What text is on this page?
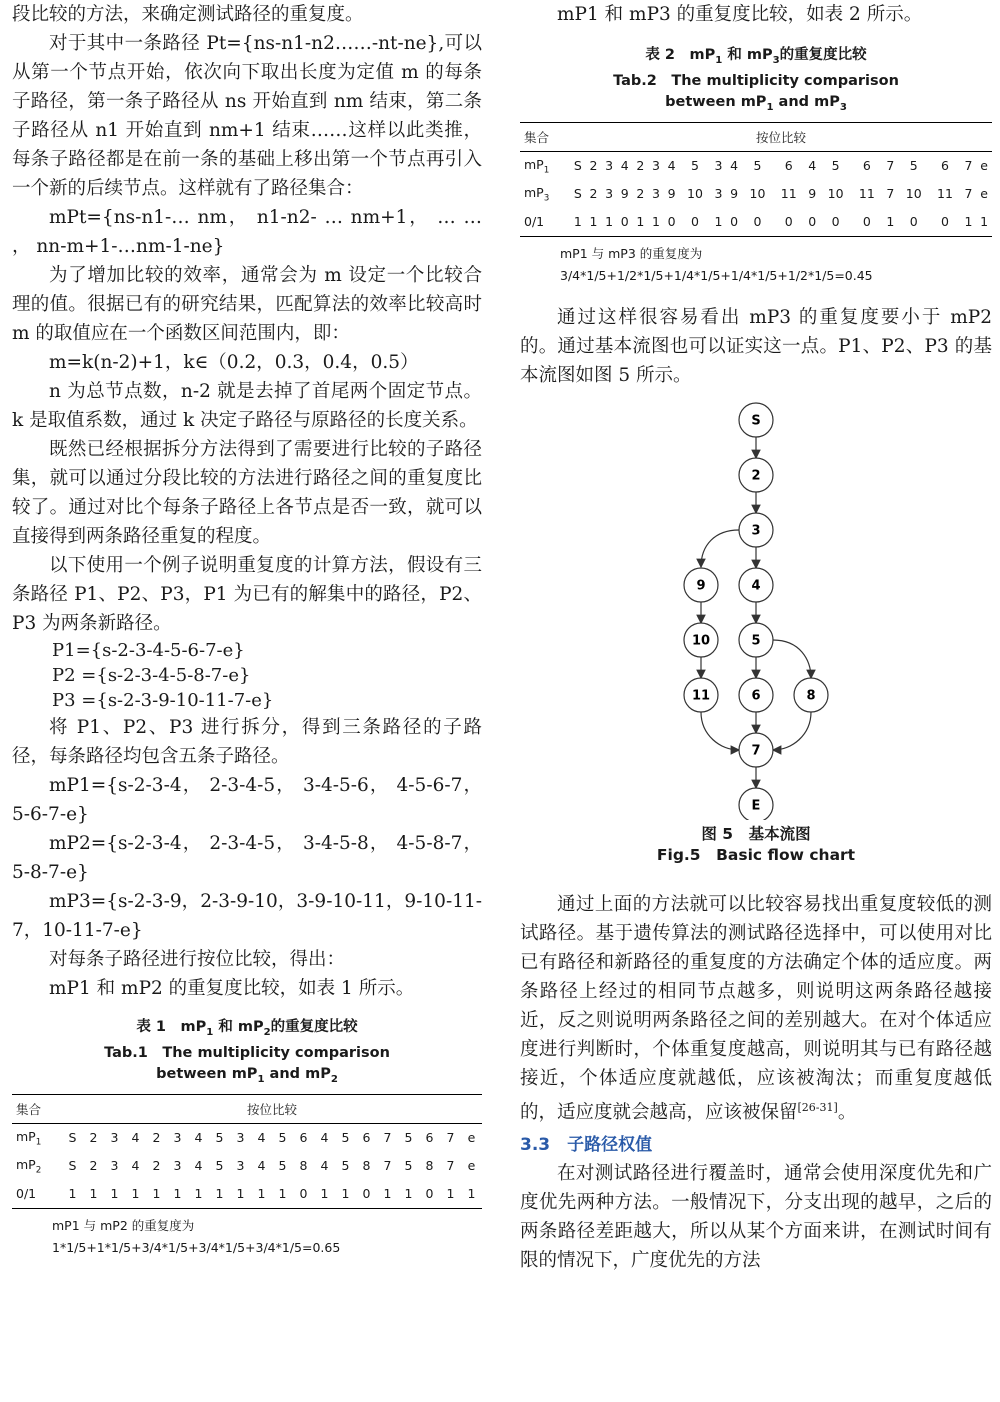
段比较的方法，来确定测试路径的重复度。

对于其中一条路径 Pt={ns-n1-n2……-nt-ne},可以从第一个节点开始，依次向下取出长度为定值 m 的每条子路径，第一条子路径从 ns 开始直到 nm 结束，第二条子路径从 n1 开始直到 nm+1 结束……这样以此类推，每条子路径都是在前一条的基础上移出第一个节点再引入一个新的后续节点。这样就有了路径集合：

mPt={ns-n1-… nm， n1-n2- … nm+1， … … ， nn-m+1-…nm-1-ne}

为了增加比较的效率，通常会为 m 设定一个比较合理的值。很据已有的研究结果，匹配算法的效率比较高时 m 的取值应在一个函数区间范围内，即：

m=k(n-2)+1，k∈（0.2，0.3，0.4，0.5）

n 为总节点数，n-2 就是去掉了首尾两个固定节点。k 是取值系数，通过 k 决定子路径与原路径的长度关系。

既然已经根据拆分方法得到了需要进行比较的子路径集，就可以通过分段比较的方法进行路径之间的重复度比较了。通过对比个每条子路径上各节点是否一致，就可以直接得到两条路径重复的程度。

以下使用一个例子说明重复度的计算方法，假设有三条路径 P1、P2、P3，P1 为已有的解集中的路径，P2、P3 为两条新路径。

P1={s-2-3-4-5-6-7-e}

P2 ={s-2-3-4-5-8-7-e}

P3 ={s-2-3-9-10-11-7-e}

将 P1、P2、P3 进行拆分，得到三条路径的子路径，每条路径均包含五条子路径。

mP1={s-2-3-4， 2-3-4-5， 3-4-5-6， 4-5-6-7， 5-6-7-e}

mP2={s-2-3-4， 2-3-4-5， 3-4-5-8， 4-5-8-7， 5-8-7-e}

mP3={s-2-3-9，2-3-9-10，3-9-10-11，9-10-11-7，10-11-7-e}

对每条子路径进行按位比较，得出：

mP1 和 mP2 的重复度比较，如表 1 所示。

表 1　$mP_1$ 和 $mP_2$的重复度比较

Tab.1　The multiplicity comparison

between $mP_1$ and $mP_2$

集合	按位比较																			
$mP_1$	S	2	3	4	2	3	4	5	3	4	5	6	4	5	6	7	5	6	7	e
$mP_2$	S	2	3	4	2	3	4	5	3	4	5	8	4	5	8	7	5	8	7	e
0/1	1	1	1	1	1	1	1	1	1	1	1	0	1	1	0	1	1	0	1	1

mP1 与 mP2 的重复度为

1*1/5+1*1/5+3/4*1/5+3/4*1/5+3/4*1/5=0.65

mP1 和 mP3 的重复度比较，如表 2 所示。

表 2　$mP_1$ 和 $mP_3$的重复度比较

Tab.2　The multiplicity comparison

between $mP_1$ and $mP_3$

集合	按位比较																			
$mP_1$	S	2	3	4	2	3	4	5	3	4	5	6	4	5	6	7	5	6	7	e
$mP_3$	S	2	3	9	2	3	9	10	3	9	10	11	9	10	11	7	10	11	7	e
0/1	1	1	1	0	1	1	0	0	1	0	0	0	0	0	0	1	0	0	1	1

mP1 与 mP3 的重复度为

3/4*1/5+1/2*1/5+1/4*1/5+1/4*1/5+1/2*1/5=0.45

通过这样很容易看出 mP3 的重复度要小于 mP2 的。通过基本流图也可以证实这一点。P1、P2、P3 的基本流图如图 5 所示。

S
2
3
9	4
10	5
11	6	8
7
E

图 5　基本流图

Fig.5　Basic flow chart

通过上面的方法就可以比较容易找出重复度较低的测试路径。基于遗传算法的测试路径选择中，可以使用对比已有路径和新路径的重复度的方法确定个体的适应度。两条路径上经过的相同节点越多，则说明这两条路径越接近，反之则说明两条路径之间的差别越大。在对个体适应度进行判断时，个体重复度越高，则说明其与已有路径越接近，个体适应度就越低，应该被淘汰；而重复度越低的，适应度就会越高，应该被保留[26-31]。

3.3　子路径权值

在对测试路径进行覆盖时，通常会使用深度优先和广度优先两种方法。一般情况下，分支出现的越早，之后的两条路径差距越大，所以从某个方面来讲，在测试时间有限的情况下，广度优先的方法
